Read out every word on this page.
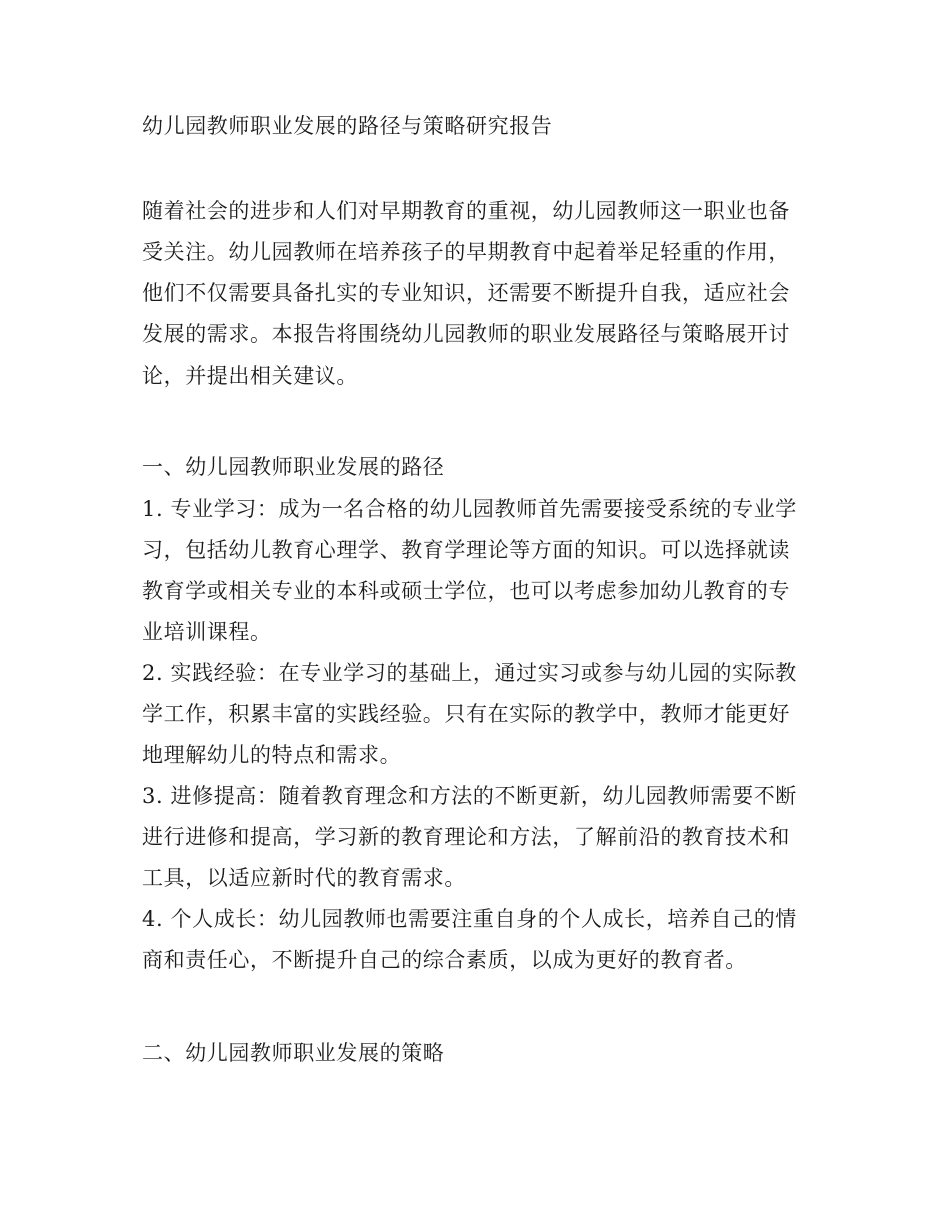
幼儿园教师职业发展的路径与策略研究报告
随着社会的进步和人们对早期教育的重视，幼儿园教师这一职业也备
受关注。幼儿园教师在培养孩子的早期教育中起着举足轻重的作用，
他们不仅需要具备扎实的专业知识，还需要不断提升自我，适应社会
发展的需求。本报告将围绕幼儿园教师的职业发展路径与策略展开讨
论，并提出相关建议。
一、幼儿园教师职业发展的路径
1. 专业学习：成为一名合格的幼儿园教师首先需要接受系统的专业学
习，包括幼儿教育心理学、教育学理论等方面的知识。可以选择就读
教育学或相关专业的本科或硕士学位，也可以考虑参加幼儿教育的专
业培训课程。
2. 实践经验：在专业学习的基础上，通过实习或参与幼儿园的实际教
学工作，积累丰富的实践经验。只有在实际的教学中，教师才能更好
地理解幼儿的特点和需求。
3. 进修提高：随着教育理念和方法的不断更新，幼儿园教师需要不断
进行进修和提高，学习新的教育理论和方法，了解前沿的教育技术和
工具，以适应新时代的教育需求。
4. 个人成长：幼儿园教师也需要注重自身的个人成长，培养自己的情
商和责任心，不断提升自己的综合素质，以成为更好的教育者。
二、幼儿园教师职业发展的策略
